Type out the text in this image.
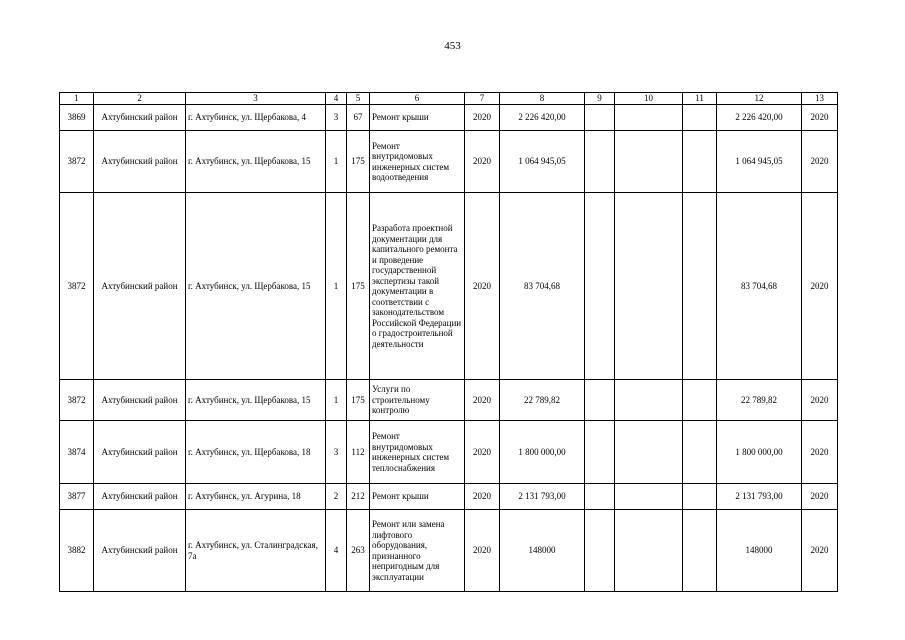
453
1	2	3	4	5	6	7	8	9	10	11	12	13
3869	Ахтубинский район	г. Ахтубинск, ул. Щербакова, 4	3	67	Ремонт крыши	2020	2 226 420,00				2 226 420,00	2020
3872	Ахтубинский район	г. Ахтубинск, ул. Щербакова, 15	1	175	Ремонт внутридомовых инженерных систем водоотведения	2020	1 064 945,05				1 064 945,05	2020
3872	Ахтубинский район	г. Ахтубинск, ул. Щербакова, 15	1	175	Разработа проектной документации для капитального ремонта и проведение государственной экспертизы такой документации в соответствии с законодательством Российской Федерации о градостроительной деятельности	2020	83 704,68				83 704,68	2020
3872	Ахтубинский район	г. Ахтубинск, ул. Щербакова, 15	1	175	Услуги по строительному контролю	2020	22 789,82				22 789,82	2020
3874	Ахтубинский район	г. Ахтубинск, ул. Щербакова, 18	3	112	Ремонт внутридомовых инженерных систем теплоснабжения	2020	1 800 000,00				1 800 000,00	2020
3877	Ахтубинский район	г. Ахтубинск, ул. Агурина, 18	2	212	Ремонт крыши	2020	2 131 793,00				2 131 793,00	2020
3882	Ахтубинский район	г. Ахтубинск, ул. Сталинградская, 7а	4	263	Ремонт или замена лифтового оборудования, признанного непригодным для эксплуатации	2020	148000				148000	2020
